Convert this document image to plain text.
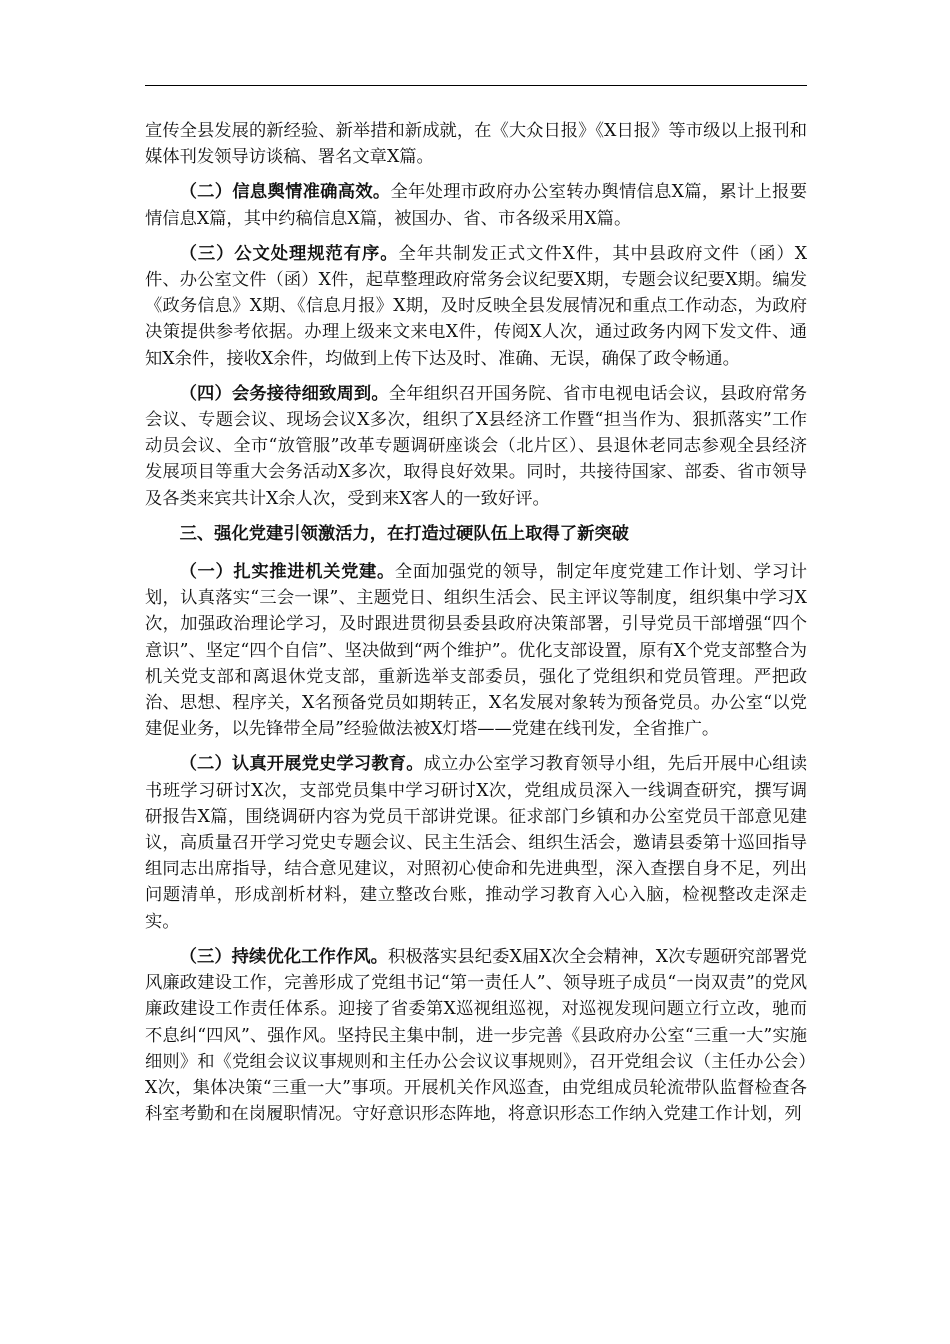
宣传全县发展的新经验、新举措和新成就，在《大众日报》《X日报》等市级以上报刊和媒体刊发领导访谈稿、署名文章X篇。

（二）信息舆情准确高效。全年处理市政府办公室转办舆情信息X篇，累计上报要情信息X篇，其中约稿信息X篇，被国办、省、市各级采用X篇。

（三）公文处理规范有序。全年共制发正式文件X件，其中县政府文件（函）X件、办公室文件（函）X件，起草整理政府常务会议纪要X期，专题会议纪要X期。编发《政务信息》X期、《信息月报》X期，及时反映全县发展情况和重点工作动态，为政府决策提供参考依据。办理上级来文来电X件，传阅X人次，通过政务内网下发文件、通知X余件，接收X余件，均做到上传下达及时、准确、无误，确保了政令畅通。

（四）会务接待细致周到。全年组织召开国务院、省市电视电话会议，县政府常务会议、专题会议、现场会议X多次，组织了X县经济工作暨“担当作为、狠抓落实”工作动员会议、全市“放管服”改革专题调研座谈会（北片区）、县退休老同志参观全县经济发展项目等重大会务活动X多次，取得良好效果。同时，共接待国家、部委、省市领导及各类来宾共计X余人次，受到来X客人的一致好评。

三、强化党建引领激活力，在打造过硬队伍上取得了新突破

（一）扎实推进机关党建。全面加强党的领导，制定年度党建工作计划、学习计划，认真落实“三会一课”、主题党日、组织生活会、民主评议等制度，组织集中学习X次，加强政治理论学习，及时跟进贯彻县委县政府决策部署，引导党员干部增强“四个意识”、坚定“四个自信”、坚决做到“两个维护”。优化支部设置，原有X个党支部整合为机关党支部和离退休党支部，重新选举支部委员，强化了党组织和党员管理。严把政治、思想、程序关，X名预备党员如期转正，X名发展对象转为预备党员。办公室“以党建促业务，以先锋带全局”经验做法被X灯塔——党建在线刊发，全省推广。

（二）认真开展党史学习教育。成立办公室学习教育领导小组，先后开展中心组读书班学习研讨X次，支部党员集中学习研讨X次，党组成员深入一线调查研究，撰写调研报告X篇，围绕调研内容为党员干部讲党课。征求部门乡镇和办公室党员干部意见建议，高质量召开学习党史专题会议、民主生活会、组织生活会，邀请县委第十巡回指导组同志出席指导，结合意见建议，对照初心使命和先进典型，深入查摆自身不足，列出问题清单，形成剖析材料，建立整改台账，推动学习教育入心入脑，检视整改走深走实。

（三）持续优化工作作风。积极落实县纪委X届X次全会精神，X次专题研究部署党风廉政建设工作，完善形成了党组书记“第一责任人”、领导班子成员“一岗双责”的党风廉政建设工作责任体系。迎接了省委第X巡视组巡视，对巡视发现问题立行立改，驰而不息纠“四风”、强作风。坚持民主集中制，进一步完善《县政府办公室“三重一大”实施细则》和《党组会议议事规则和主任办公会议议事规则》，召开党组会议（主任办公会）X次，集体决策“三重一大”事项。开展机关作风巡查，由党组成员轮流带队监督检查各科室考勤和在岗履职情况。守好意识形态阵地，将意识形态工作纳入党建工作计划，列
